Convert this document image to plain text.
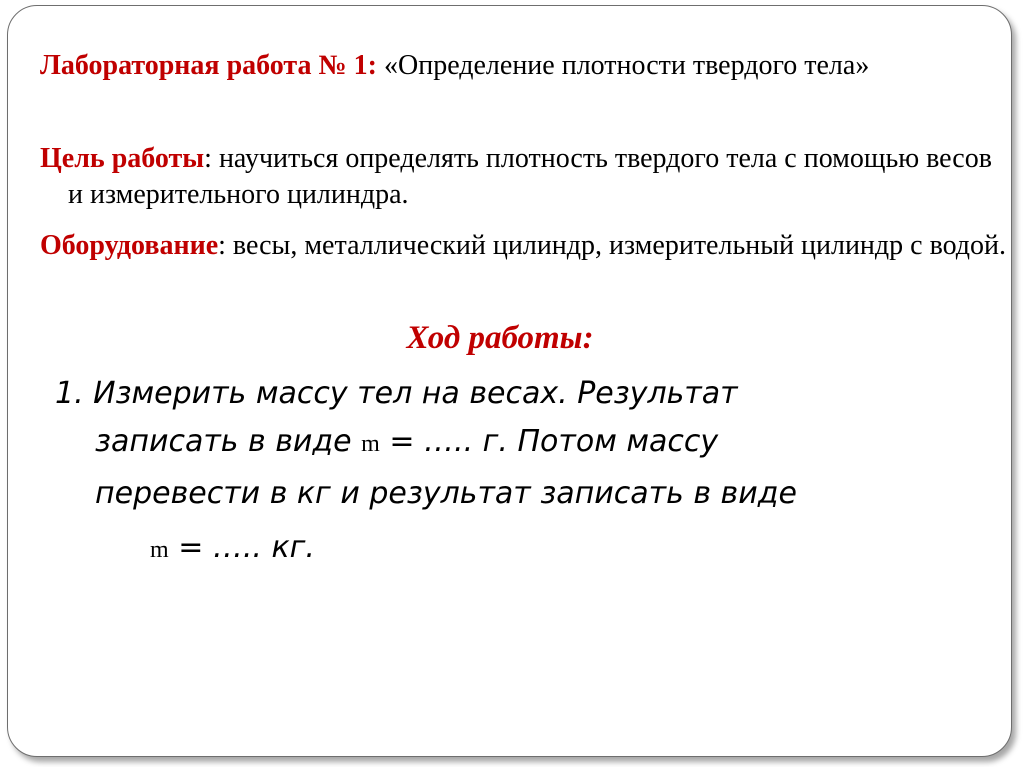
Лабораторная работа № 1: «Определение плотности твердого тела»

Цель работы: научиться определять плотность твердого тела с помощью весов и измерительного цилиндра.

Оборудование: весы, металлический цилиндр, измерительный цилиндр с водой.

Ход работы:

1. Измерить массу тел на весах. Результат

записать в виде m = ….. г. Потом массу

перевести в кг и результат записать в виде

m = ….. кг.
